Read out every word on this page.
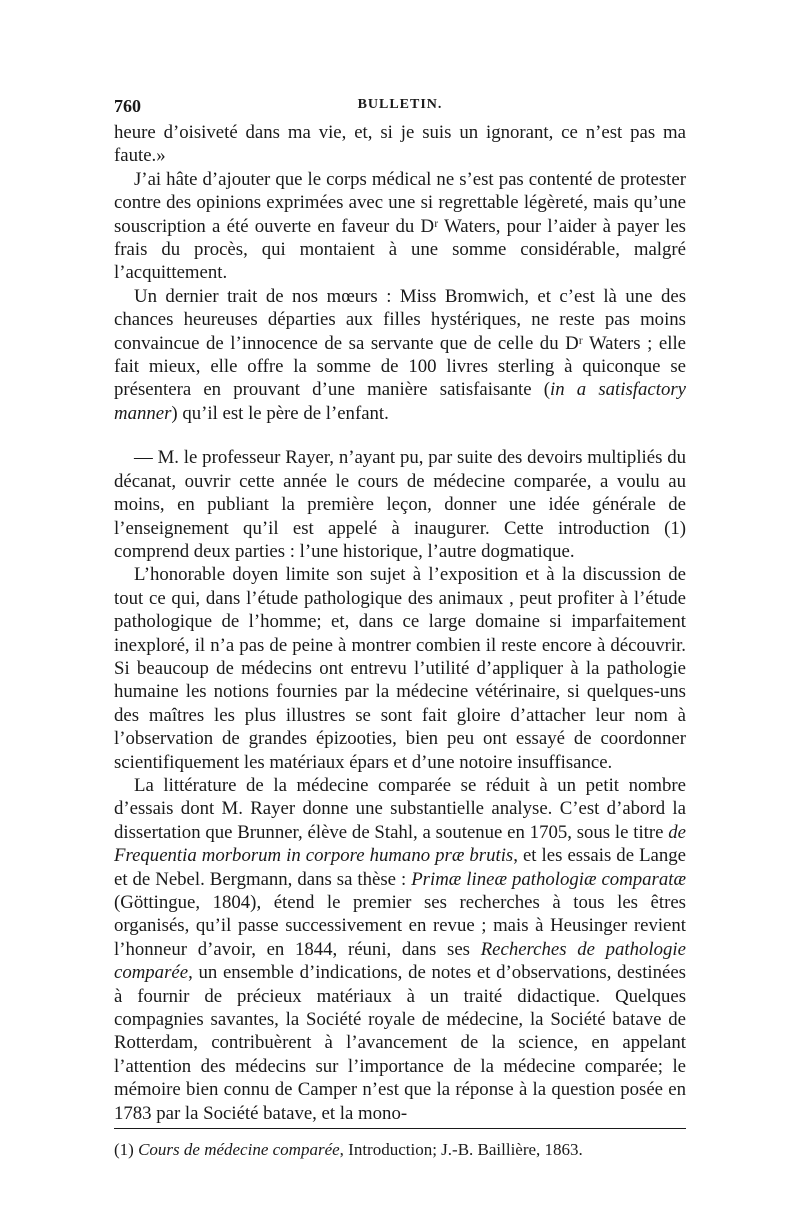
760	BULLETIN.

heure d’oisiveté dans ma vie, et, si je suis un ignorant, ce n’est pas ma faute.»

J’ai hâte d’ajouter que le corps médical ne s’est pas contenté de protester contre des opinions exprimées avec une si regrettable légèreté, mais qu’une souscription a été ouverte en faveur du Dʳ Waters, pour l’aider à payer les frais du procès, qui montaient à une somme considérable, malgré l’acquittement.

Un dernier trait de nos mœurs : Miss Bromwich, et c’est là une des chances heureuses départies aux filles hystériques, ne reste pas moins convaincue de l’innocence de sa servante que de celle du Dʳ Waters ; elle fait mieux, elle offre la somme de 100 livres sterling à quiconque se présentera en prouvant d’une manière satisfaisante (in a satisfactory manner) qu’il est le père de l’enfant.

— M. le professeur Rayer, n’ayant pu, par suite des devoirs multipliés du décanat, ouvrir cette année le cours de médecine comparée, a voulu au moins, en publiant la première leçon, donner une idée générale de l’enseignement qu’il est appelé à inaugurer. Cette introduction (1) comprend deux parties : l’une historique, l’autre dogmatique.

L’honorable doyen limite son sujet à l’exposition et à la discussion de tout ce qui, dans l’étude pathologique des animaux , peut profiter à l’étude pathologique de l’homme; et, dans ce large domaine si imparfaitement inexploré, il n’a pas de peine à montrer combien il reste encore à découvrir. Si beaucoup de médecins ont entrevu l’utilité d’appliquer à la pathologie humaine les notions fournies par la médecine vétérinaire, si quelques-uns des maîtres les plus illustres se sont fait gloire d’attacher leur nom à l’observation de grandes épizooties, bien peu ont essayé de coordonner scientifiquement les matériaux épars et d’une notoire insuffisance.

La littérature de la médecine comparée se réduit à un petit nombre d’essais dont M. Rayer donne une substantielle analyse. C’est d’abord la dissertation que Brunner, élève de Stahl, a soutenue en 1705, sous le titre de Frequentia morborum in corpore humano præ brutis, et les essais de Lange et de Nebel. Bergmann, dans sa thèse : Primæ lineæ pathologiæ comparatæ (Göttingue, 1804), étend le premier ses recherches à tous les êtres organisés, qu’il passe successivement en revue ; mais à Heusinger revient l’honneur d’avoir, en 1844, réuni, dans ses Recherches de pathologie comparée, un ensemble d’indications, de notes et d’observations, destinées à fournir de précieux matériaux à un traité didactique. Quelques compagnies savantes, la Société royale de médecine, la Société batave de Rotterdam, contribuèrent à l’avancement de la science, en appelant l’attention des médecins sur l’importance de la médecine comparée; le mémoire bien connu de Camper n’est que la réponse à la question posée en 1783 par la Société batave, et la mono-

(1) Cours de médecine comparée, Introduction; J.-B. Baillière, 1863.
